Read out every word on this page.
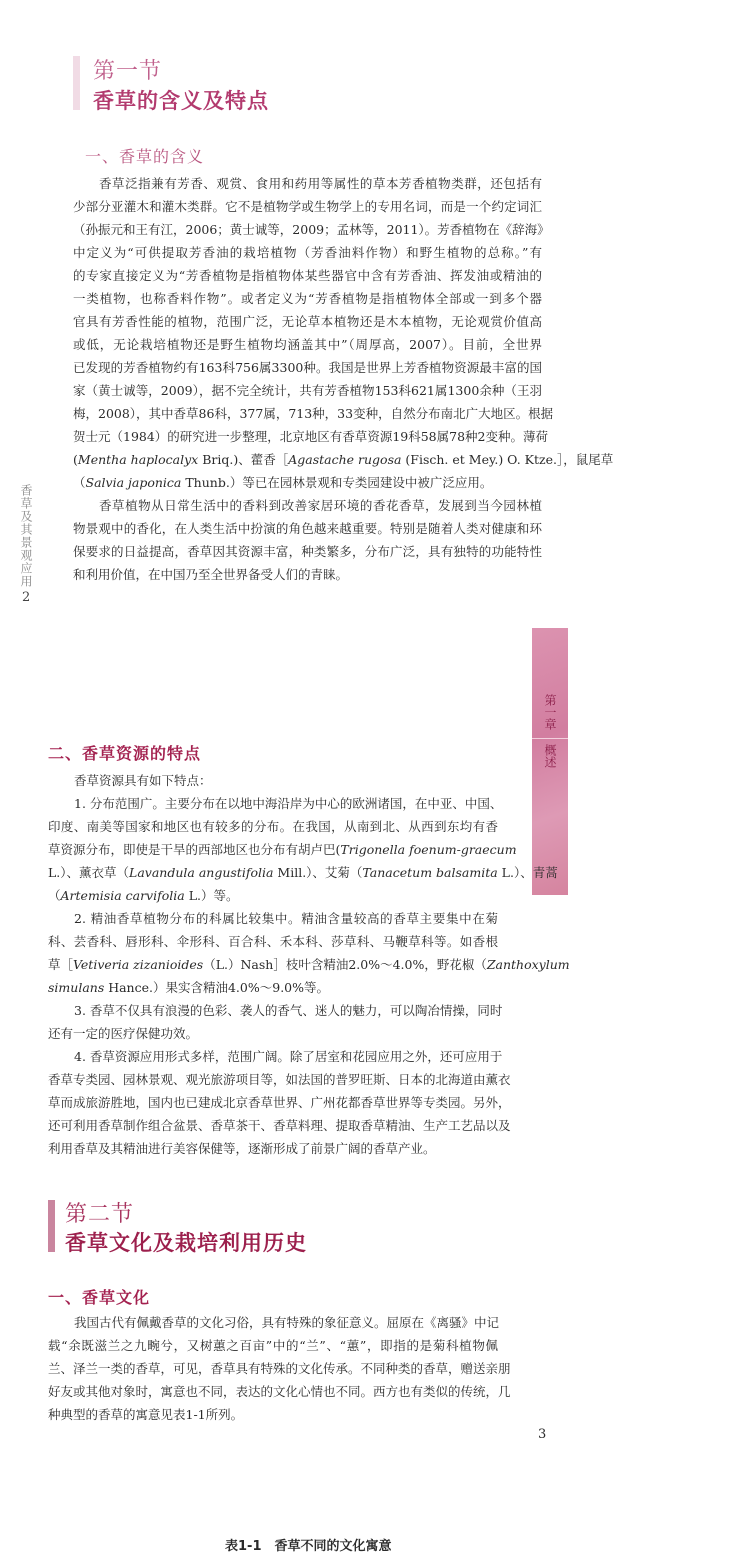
第一节
香草的含义及特点
一、香草的含义
香草泛指兼有芳香、观赏、食用和药用等属性的草本芳香植物类群，还包括有
少部分亚灌木和灌木类群。它不是植物学或生物学上的专用名词，而是一个约定词汇
（孙振元和王有江，2006；黄士诚等，2009；孟林等，2011）。芳香植物在《辞海》
中定义为“可供提取芳香油的栽培植物（芳香油料作物）和野生植物的总称。”有
的专家直接定义为“芳香植物是指植物体某些器官中含有芳香油、挥发油或精油的
一类植物，也称香料作物”。或者定义为“芳香植物是指植物体全部或一到多个器
官具有芳香性能的植物，范围广泛，无论草本植物还是木本植物，无论观赏价值高
或低，无论栽培植物还是野生植物均涵盖其中”（周厚高，2007）。目前，全世界
已发现的芳香植物约有163科756属3300种。我国是世界上芳香植物资源最丰富的国
家（黄士诚等，2009），据不完全统计，共有芳香植物153科621属1300余种（王羽
梅，2008），其中香草86科，377属，713种，33变种，自然分布南北广大地区。根据
贺士元（1984）的研究进一步整理，北京地区有香草资源19科58属78种2变种。薄荷
(Mentha haplocalyx Briq.)、藿香［Agastache rugosa (Fisch. et Mey.) O. Ktze.］，鼠尾草
（Salvia japonica Thunb.）等已在园林景观和专类园建设中被广泛应用。
香草植物从日常生活中的香料到改善家居环境的香花香草，发展到当今园林植
物景观中的香化，在人类生活中扮演的角色越来越重要。特别是随着人类对健康和环
保要求的日益提高，香草因其资源丰富，种类繁多，分布广泛，具有独特的功能特性
和利用价值，在中国乃至全世界备受人们的青睐。
香草及其景观应用
2
第一章
概述
二、香草资源的特点
香草资源具有如下特点：
1. 分布范围广。主要分布在以地中海沿岸为中心的欧洲诸国，在中亚、中国、
印度、南美等国家和地区也有较多的分布。在我国，从南到北、从西到东均有香
草资源分布，即使是干旱的西部地区也分布有胡卢巴(Trigonella foenum-graecum
L.）、薰衣草（Lavandula angustifolia Mill.）、艾菊（Tanacetum balsamita L.）、青蒿
（Artemisia carvifolia L.）等。
2. 精油香草植物分布的科属比较集中。精油含量较高的香草主要集中在菊
科、芸香科、唇形科、伞形科、百合科、禾本科、莎草科、马鞭草科等。如香根
草［Vetiveria zizanioides（L.）Nash］枝叶含精油2.0%～4.0%，野花椒（Zanthoxylum
simulans Hance.）果实含精油4.0%～9.0%等。
3. 香草不仅具有浪漫的色彩、袭人的香气、迷人的魅力，可以陶冶情操，同时
还有一定的医疗保健功效。
4. 香草资源应用形式多样，范围广阔。除了居室和花园应用之外，还可应用于
香草专类园、园林景观、观光旅游项目等，如法国的普罗旺斯、日本的北海道由薰衣
草而成旅游胜地，国内也已建成北京香草世界、广州花都香草世界等专类园。另外，
还可利用香草制作组合盆景、香草茶干、香草料理、提取香草精油、生产工艺品以及
利用香草及其精油进行美容保健等，逐渐形成了前景广阔的香草产业。
第二节
香草文化及栽培利用历史
一、香草文化
我国古代有佩戴香草的文化习俗，具有特殊的象征意义。屈原在《离骚》中记
载“余既滋兰之九畹兮，又树蕙之百亩”中的“兰”、“蕙”，即指的是菊科植物佩
兰、泽兰一类的香草，可见，香草具有特殊的文化传承。不同种类的香草，赠送亲朋
好友或其他对象时，寓意也不同，表达的文化心情也不同。西方也有类似的传统，几
种典型的香草的寓意见表1-1所列。
3
表1-1　香草不同的文化寓意
